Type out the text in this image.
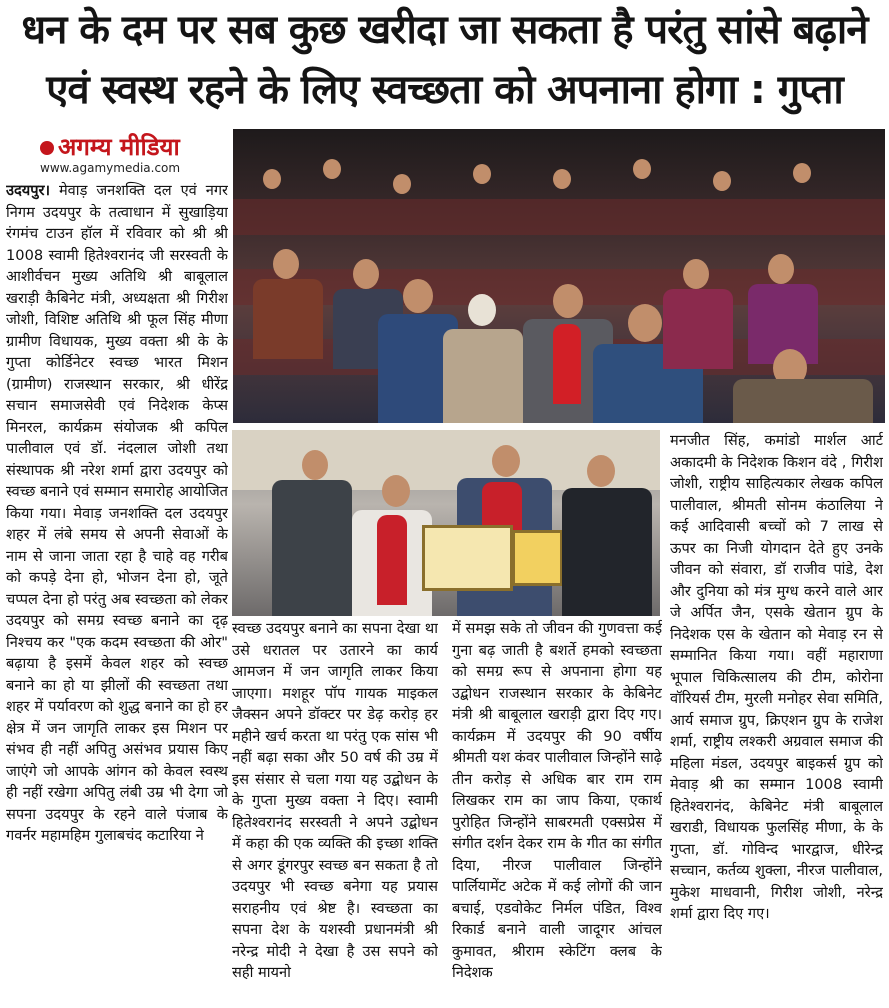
धन के दम पर सब कुछ खरीदा जा सकता है परंतु सांसे बढ़ाने
एवं स्वस्थ रहने के लिए स्वच्छता को अपनाना होगा : गुप्ता
अगम्य मीडिया
www.agamymedia.com
उदयपुर। मेवाड़ जनशक्ति दल एवं नगर निगम उदयपुर के तत्वाधान में सुखाड़िया रंगमंच टाउन हॉल में रविवार को श्री श्री 1008 स्वामी हितेश्वरानंद जी सरस्वती के आशीर्वचन मुख्य अतिथि श्री बाबूलाल खराड़ी कैबिनेट मंत्री, अध्यक्षता श्री गिरीश जोशी, विशिष्ट अतिथि श्री फूल सिंह मीणा ग्रामीण विधायक, मुख्य वक्ता श्री के के गुप्ता कोर्डिनेटर स्वच्छ भारत मिशन (ग्रामीण) राजस्थान सरकार, श्री धीरेंद्र सचान समाजसेवी एवं निदेशक केप्स मिनरल, कार्यक्रम संयोजक श्री कपिल पालीवाल एवं डॉ. नंदलाल जोशी तथा संस्थापक श्री नरेश शर्मा द्वारा उदयपुर को स्वच्छ बनाने एवं सम्मान समारोह आयोजित किया गया। मेवाड़ जनशक्ति दल उदयपुर शहर में लंबे समय से अपनी सेवाओं के नाम से जाना जाता रहा है चाहे वह गरीब को कपड़े देना हो, भोजन देना हो, जूते चप्पल देना हो परंतु अब स्वच्छता को लेकर उदयपुर को समग्र स्वच्छ बनाने का दृढ़ निश्चय कर "एक कदम स्वच्छता की ओर" बढ़ाया है इसमें केवल शहर को स्वच्छ बनाने का हो या झीलों की स्वच्छता तथा शहर में पर्यावरण को शुद्ध बनाने का हो हर क्षेत्र में जन जागृति लाकर इस मिशन पर संभव ही नहीं अपितु असंभव प्रयास किए जाएंगे जो आपके आंगन को केवल स्वस्थ ही नहीं रखेगा अपितु लंबी उम्र भी देगा जो सपना उदयपुर के रहने वाले पंजाब के गवर्नर महामहिम गुलाबचंद कटारिया ने
स्वच्छ उदयपुर बनाने का सपना देखा था उसे धरातल पर उतारने का कार्य आमजन में जन जागृति लाकर किया जाएगा। मशहूर पॉप गायक माइकल जैक्सन अपने डॉक्टर पर डेढ़ करोड़ हर महीने खर्च करता था परंतु एक सांस भी नहीं बढ़ा सका और 50 वर्ष की उम्र में इस संसार से चला गया यह उद्बोधन के के गुप्ता मुख्य वक्ता ने दिए। स्वामी हितेश्वरानंद सरस्वती ने अपने उद्बोधन में कहा की एक व्यक्ति की इच्छा शक्ति से अगर डूंगरपुर स्वच्छ बन सकता है तो उदयपुर भी स्वच्छ बनेगा यह प्रयास सराहनीय एवं श्रेष्ट है। स्वच्छता का सपना देश के यशस्वी प्रधानमंत्री श्री नरेन्द्र मोदी ने देखा है उस सपने को सही मायनो
में समझ सके तो जीवन की गुणवत्ता कई गुना बढ़ जाती है बशर्ते हमको स्वच्छता को समग्र रूप से अपनाना होगा यह उद्बोधन राजस्थान सरकार के केबिनेट मंत्री श्री बाबूलाल खराड़ी द्वारा दिए गए। कार्यक्रम में उदयपुर की 90 वर्षीय श्रीमती यश कंवर पालीवाल जिन्होंने साढ़े तीन करोड़ से अधिक बार राम राम लिखकर राम का जाप किया, एकार्थ पुरोहित जिन्होंने साबरमती एक्सप्रेस में संगीत दर्शन देकर राम के गीत का संगीत दिया, नीरज पालीवाल जिन्होंने पार्लियामेंट अटेक में कई लोगों की जान बचाई, एडवोकेट निर्मल पंडित, विश्व रिकार्ड बनाने वाली जादूगर आंचल कुमावत, श्रीराम स्केटिंग क्लब के निदेशक
मनजीत सिंह, कमांडो मार्शल आर्ट अकादमी के निदेशक किशन वंदे , गिरीश जोशी, राष्ट्रीय साहित्यकार लेखक कपिल पालीवाल, श्रीमती सोनम कंठालिया ने कई आदिवासी बच्चों को 7 लाख से ऊपर का निजी योगदान देते हुए उनके जीवन को संवारा, डॉ राजीव पांडे, देश और दुनिया को मंत्र मुग्ध करने वाले आर जे अर्पित जैन, एसके खेतान ग्रुप के निदेशक एस के खेतान को मेवाड़ रन से सम्मानित किया गया। वहीं महाराणा भूपाल चिकित्सालय की टीम, कोरोना वॉरियर्स टीम, मुरली मनोहर सेवा समिति, आर्य समाज ग्रुप, क्रिएशन ग्रुप के राजेश शर्मा, राष्ट्रीय लश्करी अग्रवाल समाज की महिला मंडल, उदयपुर बाइकर्स ग्रुप को मेवाड़ श्री का सम्मान 1008 स्वामी हितेश्वरानंद, केबिनेट मंत्री बाबूलाल खराडी, विधायक फुलसिंह मीणा, के के गुप्ता, डॉ. गोविन्द भारद्वाज, धीरेन्द्र सच्चान, कर्तव्य शुक्ला, नीरज पालीवाल, मुकेश माधवानी, गिरीश जोशी, नरेन्द्र शर्मा द्वारा दिए गए।
